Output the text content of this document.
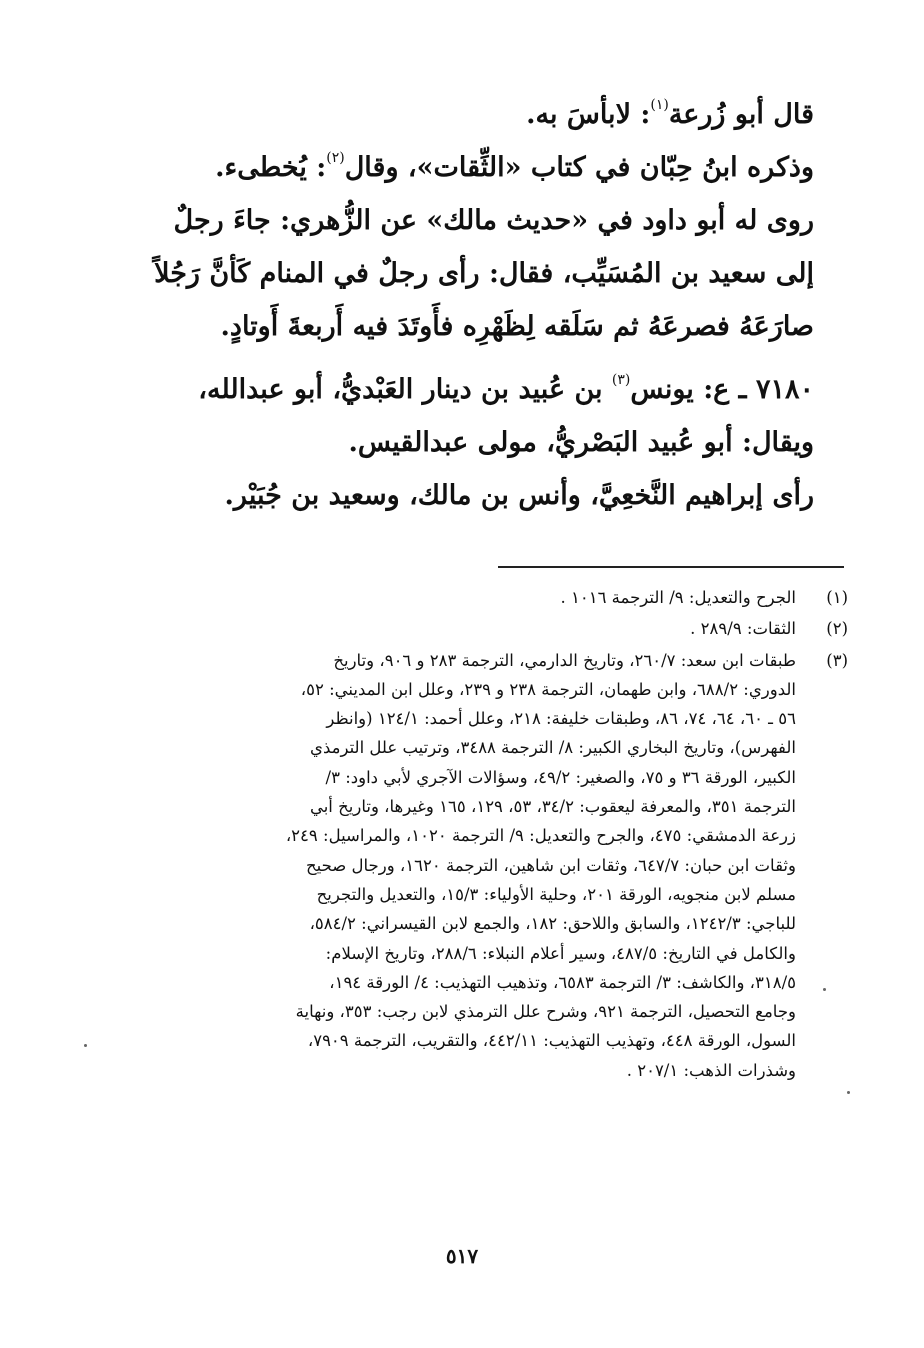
قال أبو زُرعة$^{(١)}$: لابأسَ به.

وذكره ابنُ حِبّان في كتاب «الثِّقات»، وقال$^{(٢)}$: يُخطىء.

روى له أبو داود في «حديث مالك» عن الزُّهري: جاءَ رجلٌ

إلى سعيد بن المُسَيِّب، فقال: رأى رجلٌ في المنام كَأنَّ رَجُلاً

صارَعَهُ فصرعَهُ ثم سَلَقه لِظَهْرِه فأَوتَدَ فيه أَربعةَ أَوتادٍ.

٧١٨٠ ـ ع: يونس$^{(٣)}$ بن عُبيد بن دينار العَبْديُّ، أبو عبدالله،

ويقال: أبو عُبيد البَصْريُّ، مولى عبدالقيس.

رأى إبراهيم النَّخعِيَّ، وأنس بن مالك، وسعيد بن جُبَيْر.

(١)
الجرح والتعديل: ٩/ الترجمة ١٠١٦ .
(٢)
الثقات: ٢٨٩/٩ .
(٣)
طبقات ابن سعد: ٢٦٠/٧، وتاريخ الدارمي، الترجمة ٢٨٣ و ٩٠٦، وتاريخ
الدوري: ٦٨٨/٢، وابن طهمان، الترجمة ٢٣٨ و ٢٣٩، وعلل ابن المديني: ٥٢،
٥٦ ـ ٦٠، ٦٤، ٧٤، ٨٦، وطبقات خليفة: ٢١٨، وعلل أحمد: ١٢٤/١ (وانظر
الفهرس)، وتاريخ البخاري الكبير: ٨/ الترجمة ٣٤٨٨، وترتيب علل الترمذي
الكبير، الورقة ٣٦ و ٧٥، والصغير: ٤٩/٢، وسؤالات الآجري لأبي داود: ٣/
الترجمة ٣٥١، والمعرفة ليعقوب: ٣٤/٢، ٥٣، ١٢٩، ١٦٥ وغيرها، وتاريخ أبي
زرعة الدمشقي: ٤٧٥، والجرح والتعديل: ٩/ الترجمة ١٠٢٠، والمراسيل: ٢٤٩،
وثقات ابن حبان: ٦٤٧/٧، وثقات ابن شاهين، الترجمة ١٦٢٠، ورجال صحيح
مسلم لابن منجويه، الورقة ٢٠١، وحلية الأولياء: ١٥/٣، والتعديل والتجريح
للباجي: ١٢٤٢/٣، والسابق واللاحق: ١٨٢، والجمع لابن القيسراني: ٥٨٤/٢،
والكامل في التاريخ: ٤٨٧/٥، وسير أعلام النبلاء: ٢٨٨/٦، وتاريخ الإسلام:
٣١٨/٥، والكاشف: ٣/ الترجمة ٦٥٨٣، وتذهيب التهذيب: ٤/ الورقة ١٩٤،
وجامع التحصيل، الترجمة ٩٢١، وشرح علل الترمذي لابن رجب: ٣٥٣، ونهاية
السول، الورقة ٤٤٨، وتهذيب التهذيب: ٤٤٢/١١، والتقريب، الترجمة ٧٩٠٩،
وشذرات الذهب: ٢٠٧/١ .
٥١٧
